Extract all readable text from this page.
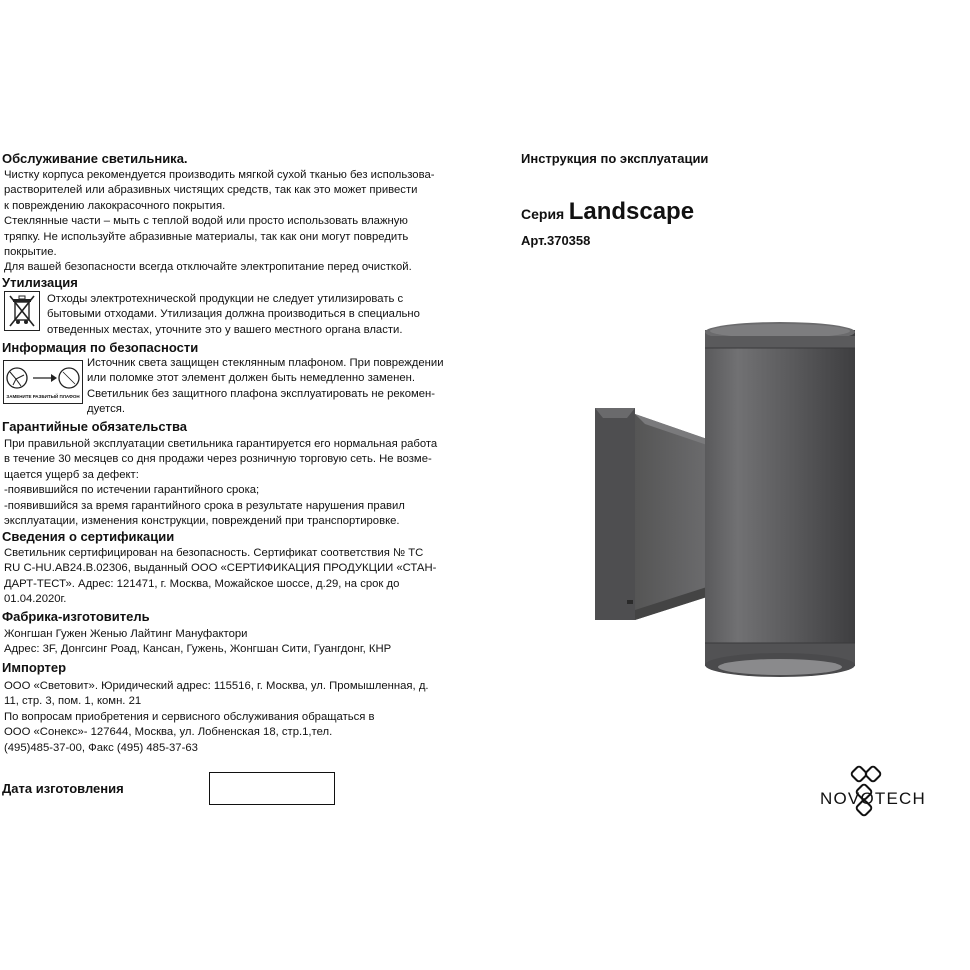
Обслуживание светильника.
Чистку корпуса рекомендуется производить мягкой сухой тканью без использова-
растворителей или абразивных чистящих средств, так как это может привести
к повреждению лакокрасочного покрытия.
Стеклянные части – мыть с теплой водой или просто использовать влажную
тряпку. Не используйте абразивные материалы, так как они могут повредить
покрытие.
Для вашей безопасности всегда отключайте электропитание перед очисткой.
Утилизация
Отходы электротехнической продукции не следует утилизировать с
бытовыми отходами. Утилизация должна производиться в специально
отведенных местах, уточните это у вашего местного органа власти.
Информация по безопасности
ЗАМЕНИТЕ РАЗБИТЫЙ ПЛАФОН
Источник света защищен стеклянным плафоном. При повреждении
или поломке этот элемент должен быть немедленно заменен.
Светильник без защитного плафона эксплуатировать не рекомен-
дуется.
Гарантийные обязательства
При правильной эксплуатации светильника гарантируется его нормальная работа
в течение 30 месяцев со дня продажи через розничную торговую сеть. Не возме-
щается ущерб за дефект:
-появившийся по истечении гарантийного срока;
-появившийся за время гарантийного срока в результате нарушения правил
эксплуатации, изменения конструкции, повреждений при транспортировке.
Сведения о сертификации
Светильник сертифицирован на безопасность. Сертификат соответствия № ТС
RU C-HU.AB24.B.02306, выданный ООО «СЕРТИФИКАЦИЯ ПРОДУКЦИИ «СТАН-
ДАРТ-ТЕСТ». Адрес: 121471, г. Москва, Можайское шоссе, д.29, на срок до
01.04.2020г.
Фабрика-изготовитель
Жонгшан Гужен Женью Лайтинг Мануфактори
Адрес: 3F, Донгсинг Роад, Кансан, Гужень, Жонгшан Сити, Гуангдонг, КНР
Импортер
ООО «Световит». Юридический адрес: 115516, г. Москва, ул. Промышленная, д.
11, стр. 3, пом. 1, комн. 21
По вопросам приобретения и сервисного обслуживания обращаться в
ООО «Сонекс»- 127644, Москва, ул. Лобненская 18, стр.1,тел.
(495)485-37-00, Факс (495) 485-37-63
Дата изготовления
Инструкция по эксплуатации
Серия Landscape
Арт.370358
NOVOTECH
